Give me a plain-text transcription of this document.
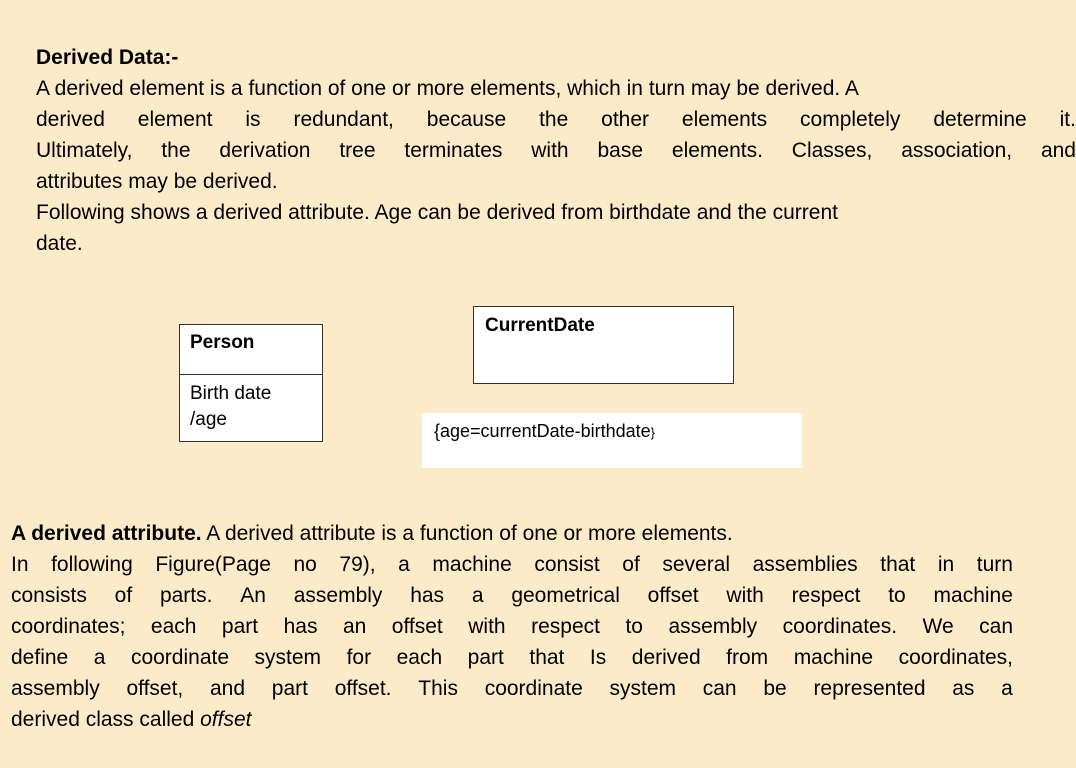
Derived Data:-
A derived element is a function of one or more elements, which in turn may be derived. A
derived element is redundant, because the other elements completely determine it.
Ultimately, the derivation tree terminates with base elements. Classes, association, and
attributes may be derived.
Following shows a derived attribute. Age can be derived from birthdate and the current
date.
Person
Birth date
/age
CurrentDate
{age=currentDate-birthdate}
A derived attribute. A derived attribute is a function of one or more elements.
In following Figure(Page no 79), a machine consist of several assemblies that in turn
consists of parts. An assembly has a geometrical offset with respect to machine
coordinates; each part has an offset with respect to assembly coordinates. We can
define a coordinate system for each part that Is derived from machine coordinates,
assembly offset, and part offset. This coordinate system can be represented as a
derived class called offset
